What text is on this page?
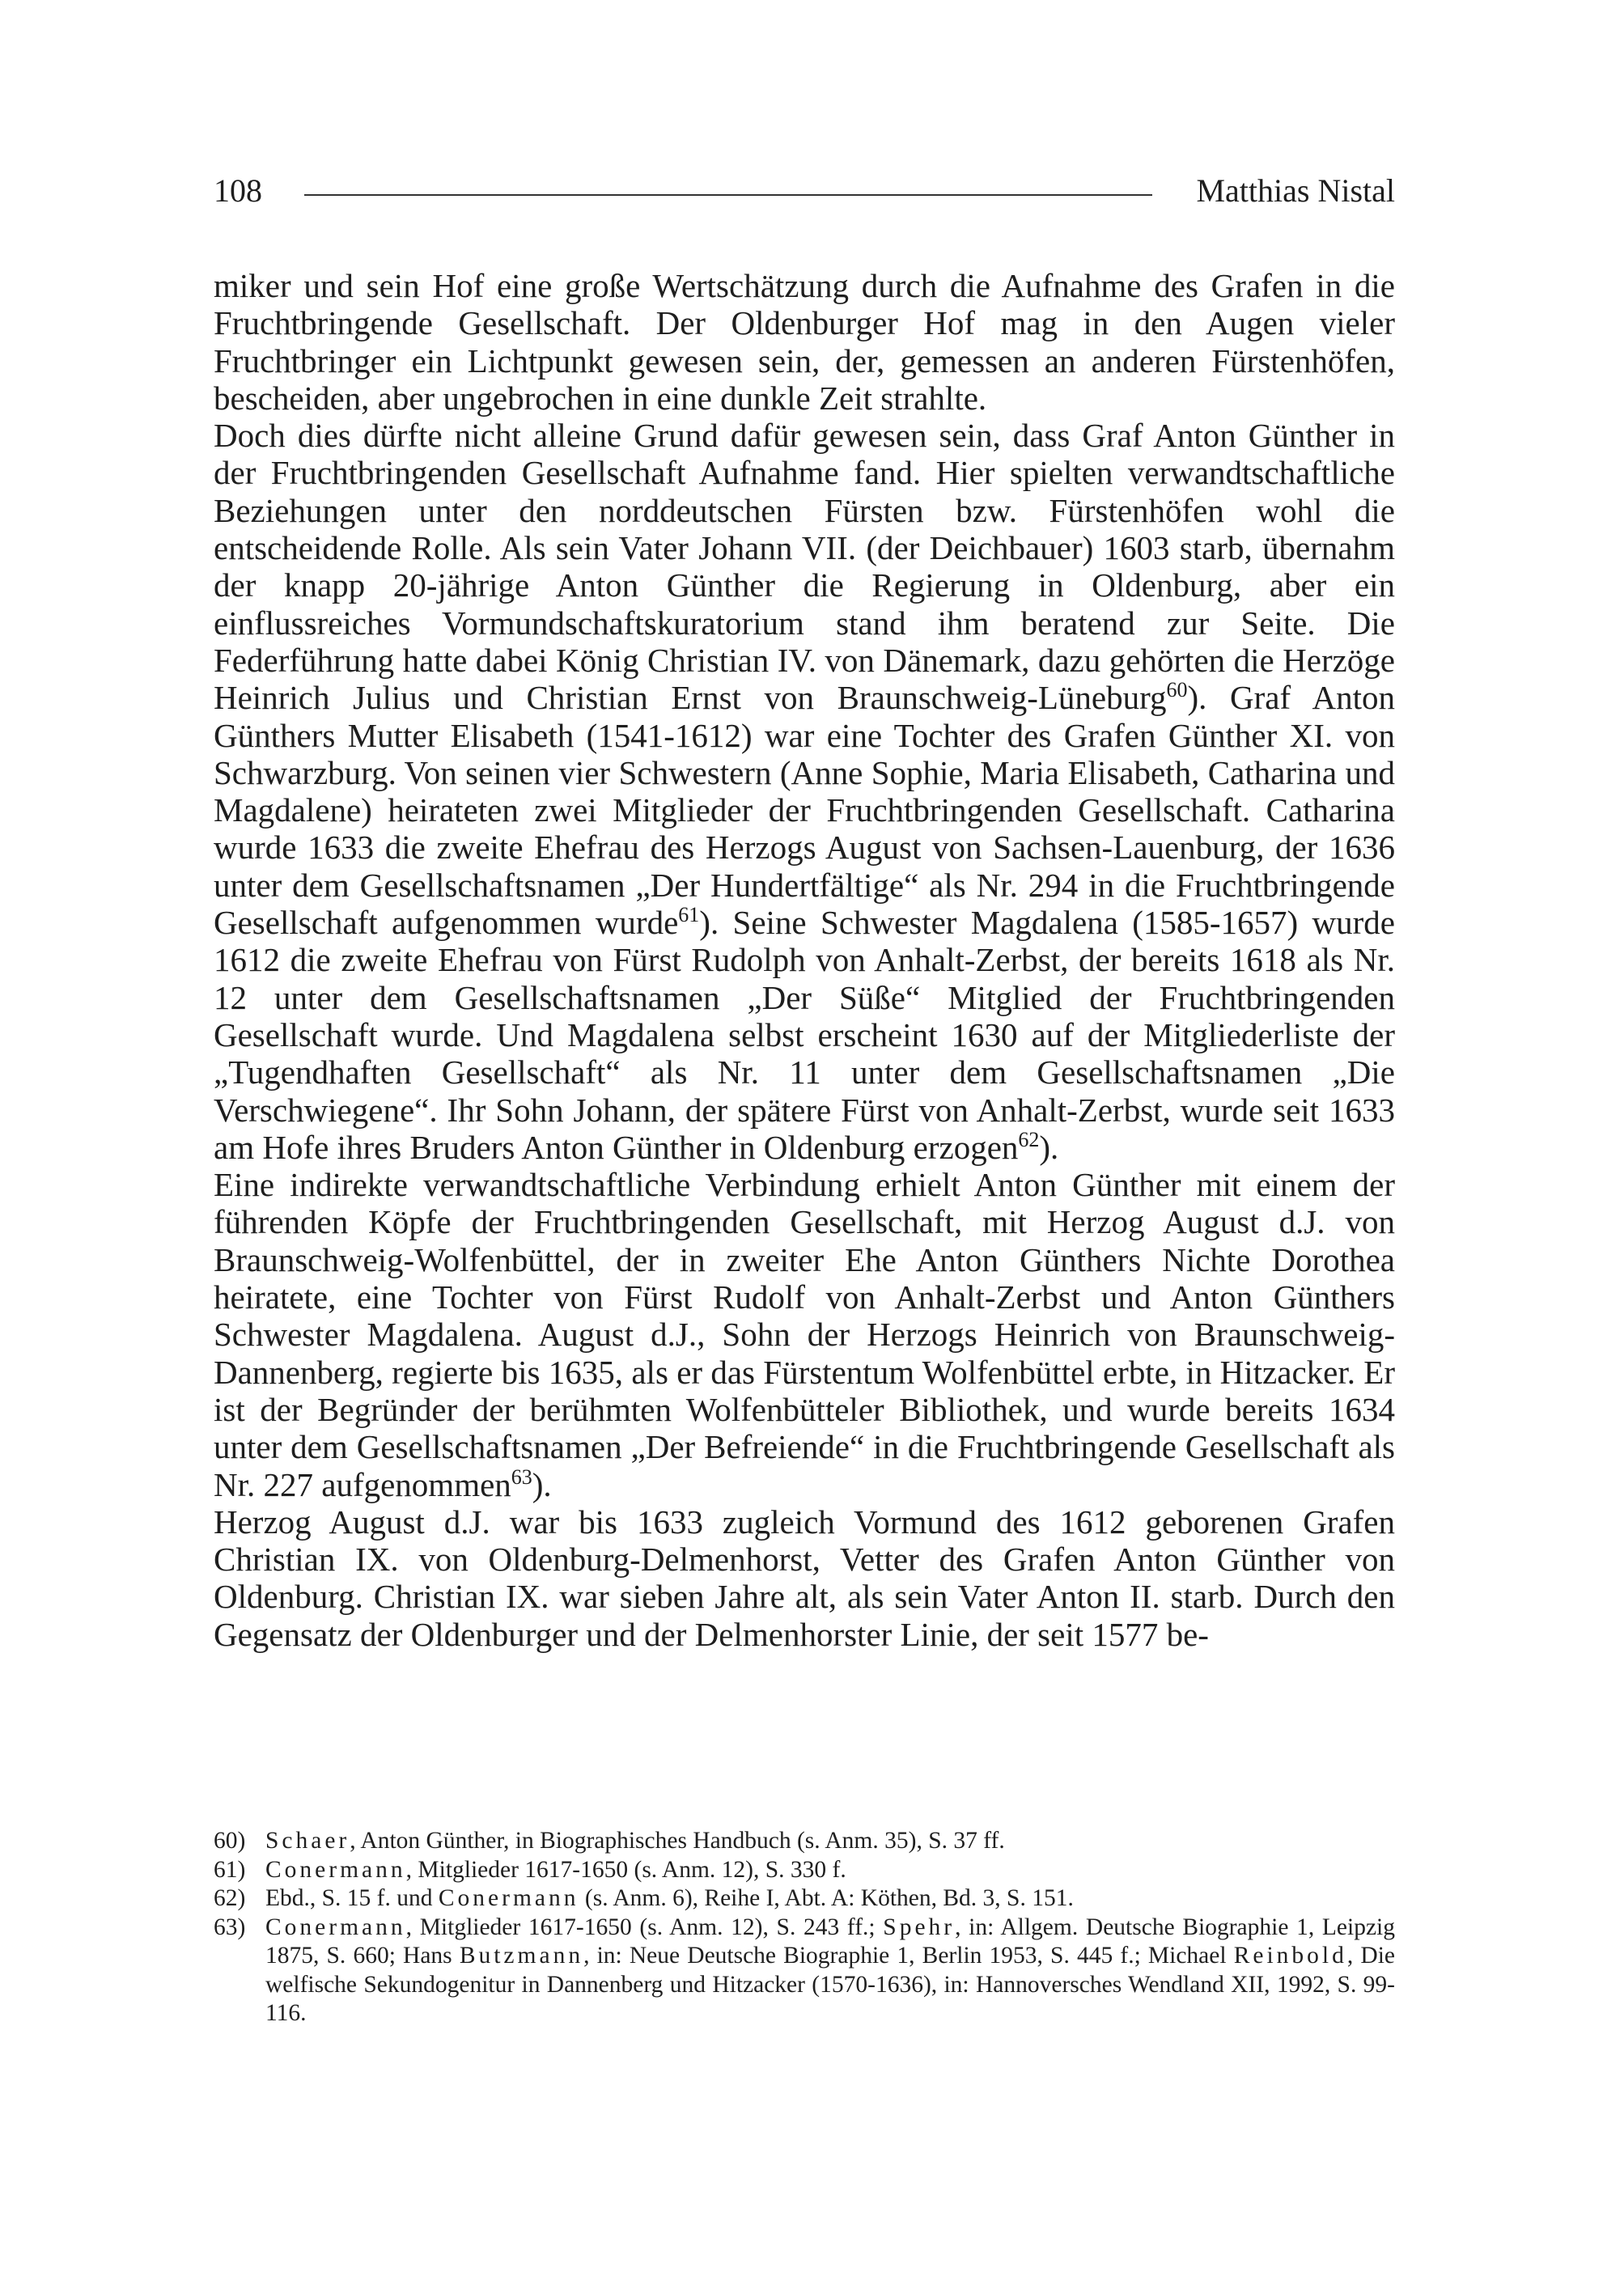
108	Matthias Nistal

miker und sein Hof eine große Wertschätzung durch die Aufnahme des Grafen in die Fruchtbringende Gesellschaft. Der Oldenburger Hof mag in den Augen vieler Fruchtbringer ein Lichtpunkt gewesen sein, der, gemessen an anderen Fürstenhöfen, bescheiden, aber ungebrochen in eine dunkle Zeit strahlte.

Doch dies dürfte nicht alleine Grund dafür gewesen sein, dass Graf Anton Günther in der Fruchtbringenden Gesellschaft Aufnahme fand. Hier spielten verwandtschaftliche Beziehungen unter den norddeutschen Fürsten bzw. Fürstenhöfen wohl die entscheidende Rolle. Als sein Vater Johann VII. (der Deichbauer) 1603 starb, übernahm der knapp 20-jährige Anton Günther die Regierung in Oldenburg, aber ein einflussreiches Vormundschaftskuratorium stand ihm beratend zur Seite. Die Federführung hatte dabei König Christian IV. von Dänemark, dazu gehörten die Herzöge Heinrich Julius und Christian Ernst von Braunschweig-Lüneburg$^{60}$). Graf Anton Günthers Mutter Elisabeth (1541-1612) war eine Tochter des Grafen Günther XI. von Schwarzburg. Von seinen vier Schwestern (Anne Sophie, Maria Elisabeth, Catharina und Magdalene) heirateten zwei Mitglieder der Fruchtbringenden Gesellschaft. Catharina wurde 1633 die zweite Ehefrau des Herzogs August von Sachsen-Lauenburg, der 1636 unter dem Gesellschaftsnamen „Der Hundertfältige“ als Nr. 294 in die Fruchtbringende Gesellschaft aufgenommen wurde$^{61}$). Seine Schwester Magdalena (1585-1657) wurde 1612 die zweite Ehefrau von Fürst Rudolph von Anhalt-Zerbst, der bereits 1618 als Nr. 12 unter dem Gesellschaftsnamen „Der Süße“ Mitglied der Fruchtbringenden Gesellschaft wurde. Und Magdalena selbst erscheint 1630 auf der Mitgliederliste der „Tugendhaften Gesellschaft“ als Nr. 11 unter dem Gesellschaftsnamen „Die Verschwiegene“. Ihr Sohn Johann, der spätere Fürst von Anhalt-Zerbst, wurde seit 1633 am Hofe ihres Bruders Anton Günther in Oldenburg erzogen$^{62}$).

Eine indirekte verwandtschaftliche Verbindung erhielt Anton Günther mit einem der führenden Köpfe der Fruchtbringenden Gesellschaft, mit Herzog August d.J. von Braunschweig-Wolfenbüttel, der in zweiter Ehe Anton Günthers Nichte Dorothea heiratete, eine Tochter von Fürst Rudolf von Anhalt-Zerbst und Anton Günthers Schwester Magdalena. August d.J., Sohn der Herzogs Heinrich von Braunschweig-Dannenberg, regierte bis 1635, als er das Fürstentum Wolfenbüttel erbte, in Hitzacker. Er ist der Begründer der berühmten Wolfenbütteler Bibliothek, und wurde bereits 1634 unter dem Gesellschaftsnamen „Der Befreiende“ in die Fruchtbringende Gesellschaft als Nr. 227 aufgenommen$^{63}$).

Herzog August d.J. war bis 1633 zugleich Vormund des 1612 geborenen Grafen Christian IX. von Oldenburg-Delmenhorst, Vetter des Grafen Anton Günther von Oldenburg. Christian IX. war sieben Jahre alt, als sein Vater Anton II. starb. Durch den Gegensatz der Oldenburger und der Delmenhorster Linie, der seit 1577 be-

60) Schaer, Anton Günther, in Biographisches Handbuch (s. Anm. 35), S. 37 ff.

61) Conermann, Mitglieder 1617-1650 (s. Anm. 12), S. 330 f.

62) Ebd., S. 15 f. und Conermann (s. Anm. 6), Reihe I, Abt. A: Köthen, Bd. 3, S. 151.

63) Conermann, Mitglieder 1617-1650 (s. Anm. 12), S. 243 ff.; Spehr, in: Allgem. Deutsche Biographie 1, Leipzig 1875, S. 660; Hans Butzmann, in: Neue Deutsche Biographie 1, Berlin 1953, S. 445 f.; Michael Reinbold, Die welfische Sekundogenitur in Dannenberg und Hitzacker (1570-1636), in: Hannoversches Wendland XII, 1992, S. 99-116.
